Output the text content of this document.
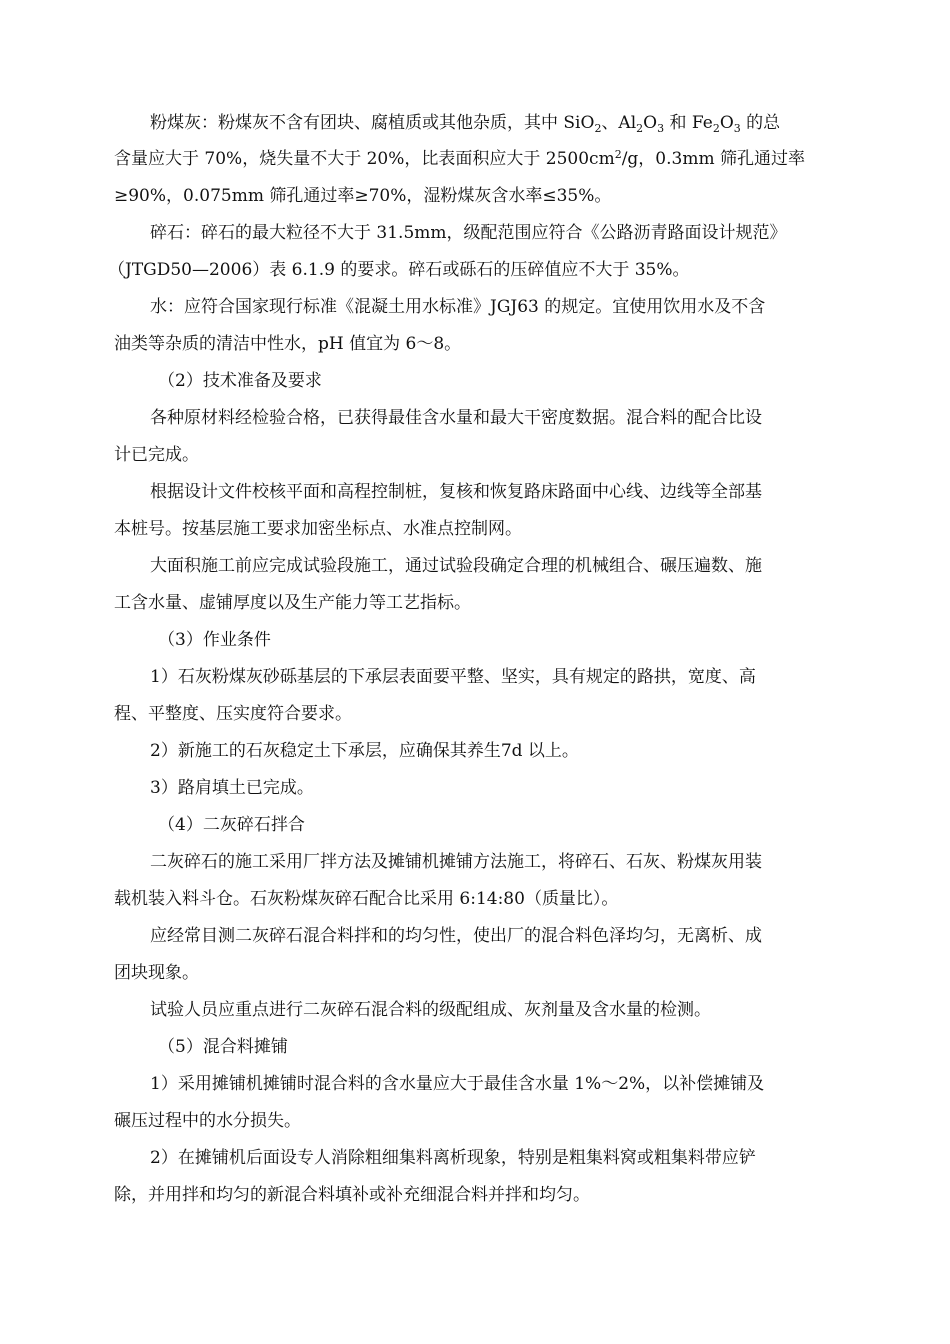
粉煤灰：粉煤灰不含有团块、腐植质或其他杂质，其中 SiO$_2$、$Al_2O_3$ 和 $Fe_2O_3$ 的总
含量应大于 70%，烧失量不大于 20%，比表面积应大于 $2500cm^2/g$，0.3mm 筛孔通过率
≥90%，0.075mm 筛孔通过率≥70%，湿粉煤灰含水率≤35%。
碎石：碎石的最大粒径不大于 31.5mm，级配范围应符合《公路沥青路面设计规范》
（JTGD50—2006）表 6.1.9 的要求。碎石或砾石的压碎值应不大于 35%。
水：应符合国家现行标准《混凝土用水标准》JGJ63 的规定。宜使用饮用水及不含
油类等杂质的清洁中性水，pH 值宜为 6～8。
（2）技术准备及要求
各种原材料经检验合格，已获得最佳含水量和最大干密度数据。混合料的配合比设
计已完成。
根据设计文件校核平面和高程控制桩，复核和恢复路床路面中心线、边线等全部基
本桩号。按基层施工要求加密坐标点、水准点控制网。
大面积施工前应完成试验段施工，通过试验段确定合理的机械组合、碾压遍数、施
工含水量、虚铺厚度以及生产能力等工艺指标。
（3）作业条件
1）石灰粉煤灰砂砾基层的下承层表面要平整、坚实，具有规定的路拱，宽度、高
程、平整度、压实度符合要求。
2）新施工的石灰稳定土下承层，应确保其养生7d 以上。
3）路肩填土已完成。
（4）二灰碎石拌合
二灰碎石的施工采用厂拌方法及摊铺机摊铺方法施工，将碎石、石灰、粉煤灰用装
载机装入料斗仓。石灰粉煤灰碎石配合比采用 6:14:80（质量比）。
应经常目测二灰碎石混合料拌和的均匀性，使出厂的混合料色泽均匀，无离析、成
团块现象。
试验人员应重点进行二灰碎石混合料的级配组成、灰剂量及含水量的检测。
（5）混合料摊铺
1）采用摊铺机摊铺时混合料的含水量应大于最佳含水量 1%～2%，以补偿摊铺及
碾压过程中的水分损失。
2）在摊铺机后面设专人消除粗细集料离析现象，特别是粗集料窝或粗集料带应铲
除，并用拌和均匀的新混合料填补或补充细混合料并拌和均匀。
